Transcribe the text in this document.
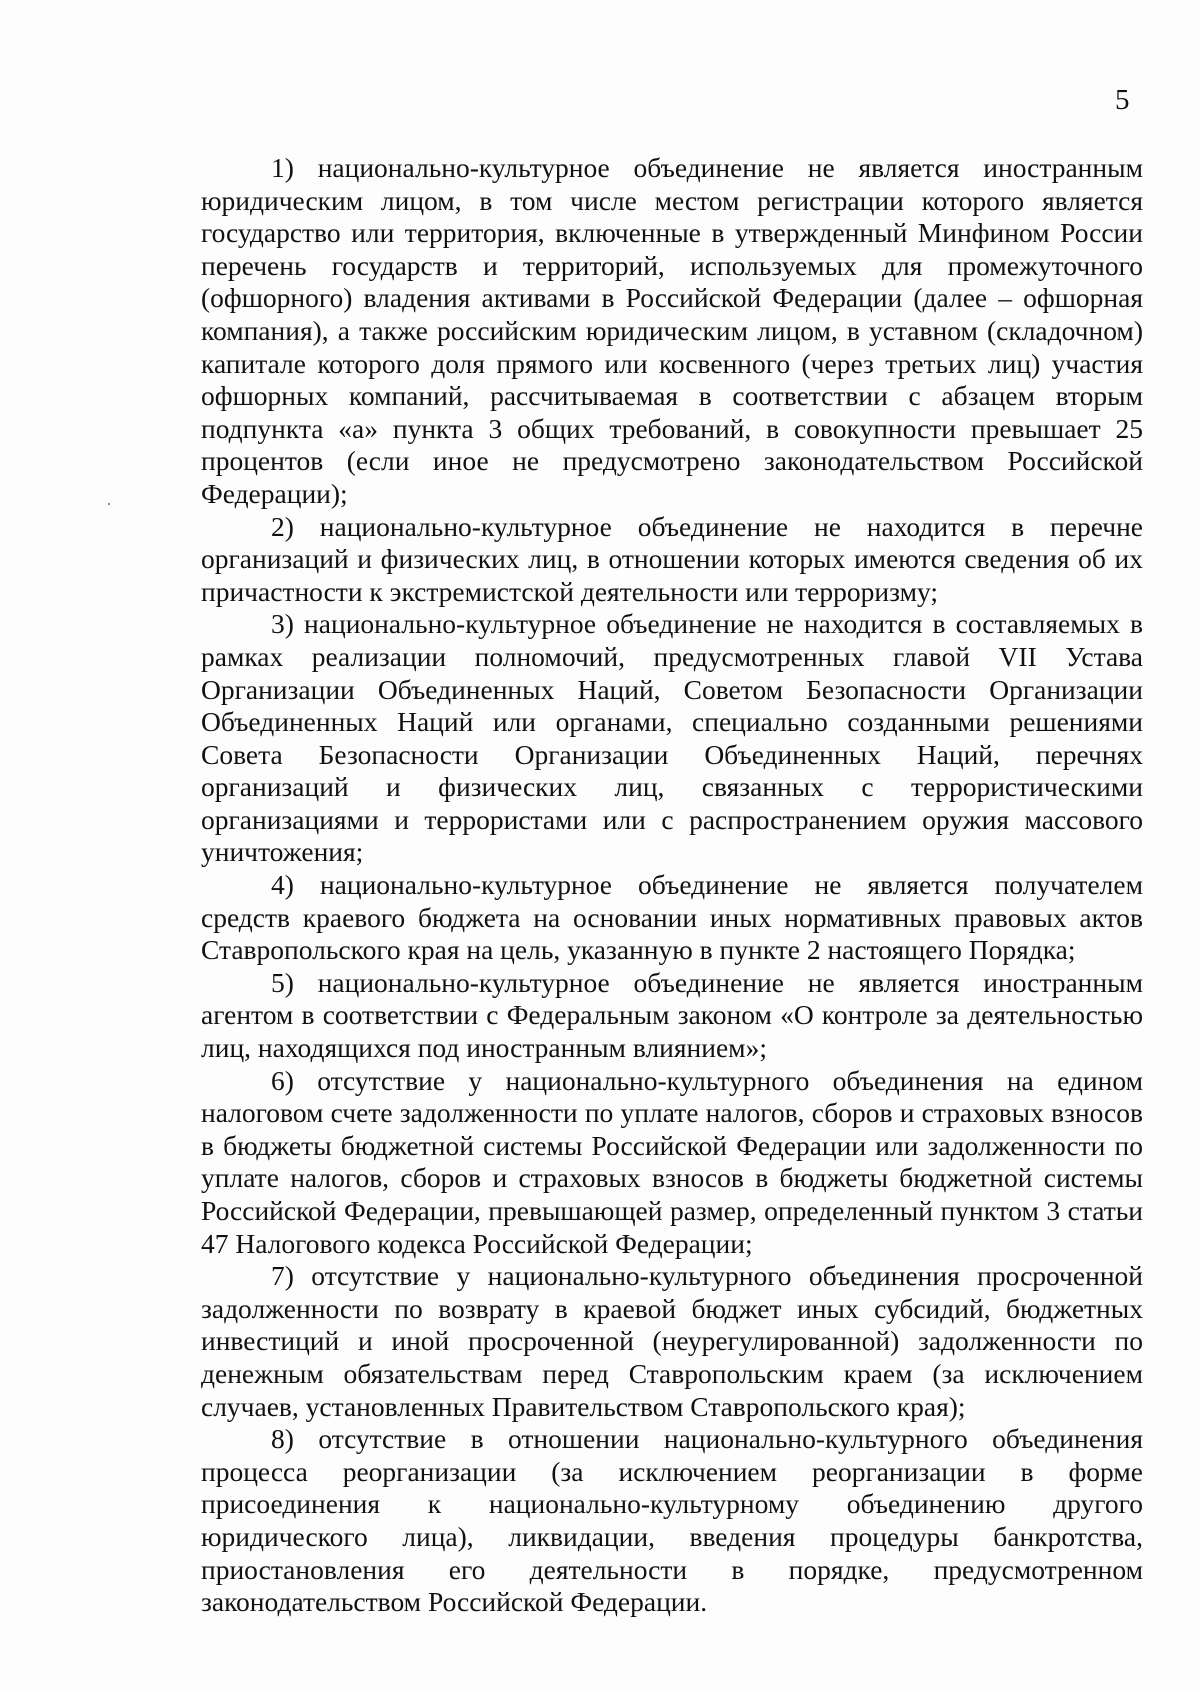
5

1) национально-культурное объединение не является иностранным юридическим лицом, в том числе местом регистрации которого является государство или территория, включенные в утвержденный Минфином России перечень государств и территорий, используемых для промежуточного (офшорного) владения активами в Российской Федерации (далее – офшорная компания), а также российским юридическим лицом, в уставном (складочном) капитале которого доля прямого или косвенного (через третьих лиц) участия офшорных компаний, рассчитываемая в соответствии с абзацем вторым подпункта «а» пункта 3 общих требований, в совокупности превышает 25 процентов (если иное не предусмотрено законодательством Российской Федерации);

2) национально-культурное объединение не находится в перечне организаций и физических лиц, в отношении которых имеются сведения об их причастности к экстремистской деятельности или терроризму;

3) национально-культурное объединение не находится в составляемых в рамках реализации полномочий, предусмотренных главой VII Устава Организации Объединенных Наций, Советом Безопасности Организации Объединенных Наций или органами, специально созданными решениями Совета Безопасности Организации Объединенных Наций, перечнях организаций и физических лиц, связанных с террористическими организациями и террористами или с распространением оружия массового уничтожения;

4) национально-культурное объединение не является получателем средств краевого бюджета на основании иных нормативных правовых актов Ставропольского края на цель, указанную в пункте 2 настоящего Порядка;

5) национально-культурное объединение не является иностранным агентом в соответствии с Федеральным законом «О контроле за деятельностью лиц, находящихся под иностранным влиянием»;

6) отсутствие у национально-культурного объединения на едином налоговом счете задолженности по уплате налогов, сборов и страховых взносов в бюджеты бюджетной системы Российской Федерации или задолженности по уплате налогов, сборов и страховых взносов в бюджеты бюджетной системы Российской Федерации, превышающей размер, определенный пунктом 3 статьи 47 Налогового кодекса Российской Федерации;

7) отсутствие у национально-культурного объединения просроченной задолженности по возврату в краевой бюджет иных субсидий, бюджетных инвестиций и иной просроченной (неурегулированной) задолженности по денежным обязательствам перед Ставропольским краем (за исключением случаев, установленных Правительством Ставропольского края);

8) отсутствие в отношении национально-культурного объединения процесса реорганизации (за исключением реорганизации в форме присоединения к национально-культурному объединению другого юридического лица), ликвидации, введения процедуры банкротства, приостановления его деятельности в порядке, предусмотренном законодательством Российской Федерации.
